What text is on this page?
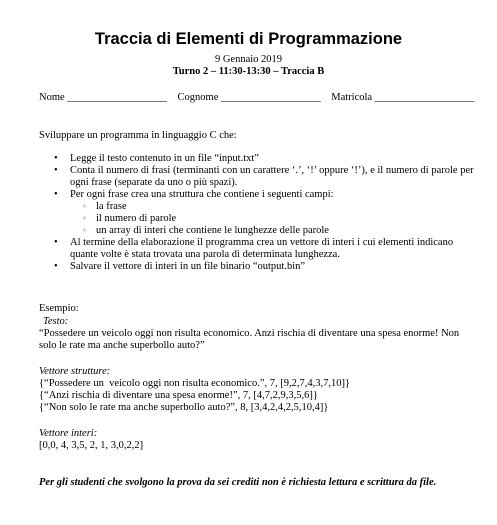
Traccia di Elementi di Programmazione
9 Gennaio 2019
Turno 2 – 11:30-13:30 – Traccia B
Nome ___________________ Cognome ___________________ Matricola ___________________
Sviluppare un programma in linguaggio C che:
• Legge il testo contenuto in un file “input.txt”
• Conta il numero di frasi (terminanti con un carattere ‘.’, ‘!’ oppure ‘!’), e il numero di parole per ogni frase (separate da uno o più spazi).
• Per ogni frase crea una struttura che contiene i seguenti campi:
◦ la frase
◦ il numero di parole
◦ un array di interi che contiene le lunghezze delle parole
• Al termine della elaborazione il programma crea un vettore di interi i cui elementi indicano quante volte è stata trovata una parola di determinata lunghezza.
• Salvare il vettore di interi in un file binario “output.bin”
Esempio:
Testo:
“Possedere un veicolo oggi non risulta economico. Anzi rischia di diventare una spesa enorme! Non solo le rate ma anche superbollo auto?”
Vettore strutture:
{“Possedere un  veicolo oggi non risulta economico.”, 7, [9,2,7,4,3,7,10]}
{“Anzi rischia di diventare una spesa enorme!”, 7, [4,7,2,9,3,5,6]}
{“Non solo le rate ma anche superbollo auto?”, 8, [3,4,2,4,2,5,10,4]}
Vettore interi:
[0,0, 4, 3,5, 2, 1, 3,0,2,2]
Per gli studenti che svolgono la prova da sei crediti non è richiesta lettura e scrittura da file.
